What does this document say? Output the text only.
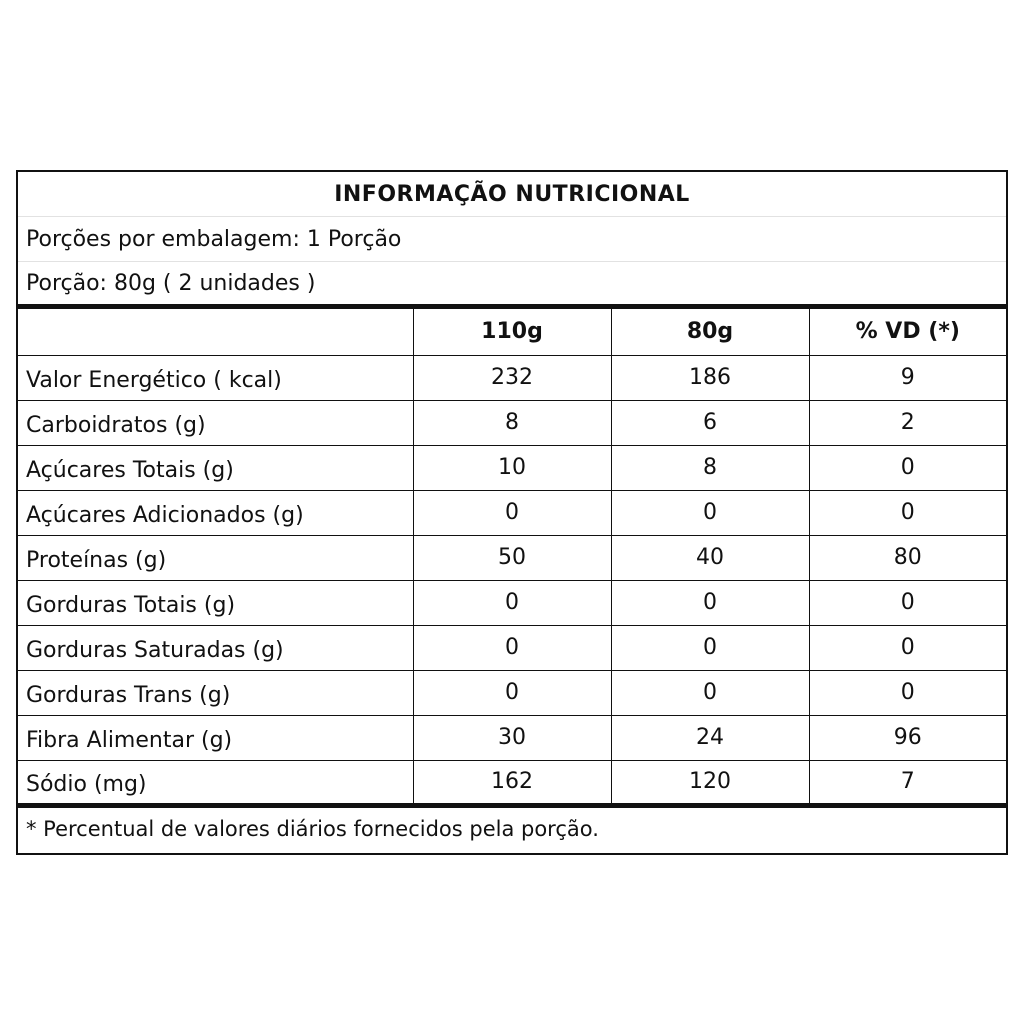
INFORMAÇÃO NUTRICIONAL
Porções por embalagem: 1 Porção
Porção: 80g ( 2 unidades )
	110g	80g	% VD (*)
Valor Energético ( kcal)	232	186	9
Carboidratos (g)	8	6	2
Açúcares Totais (g)	10	8	0
Açúcares Adicionados (g)	0	0	0
Proteínas (g)	50	40	80
Gorduras Totais (g)	0	0	0
Gorduras Saturadas (g)	0	0	0
Gorduras Trans (g)	0	0	0
Fibra Alimentar (g)	30	24	96
Sódio (mg)	162	120	7
* Percentual de valores diários fornecidos pela porção.
